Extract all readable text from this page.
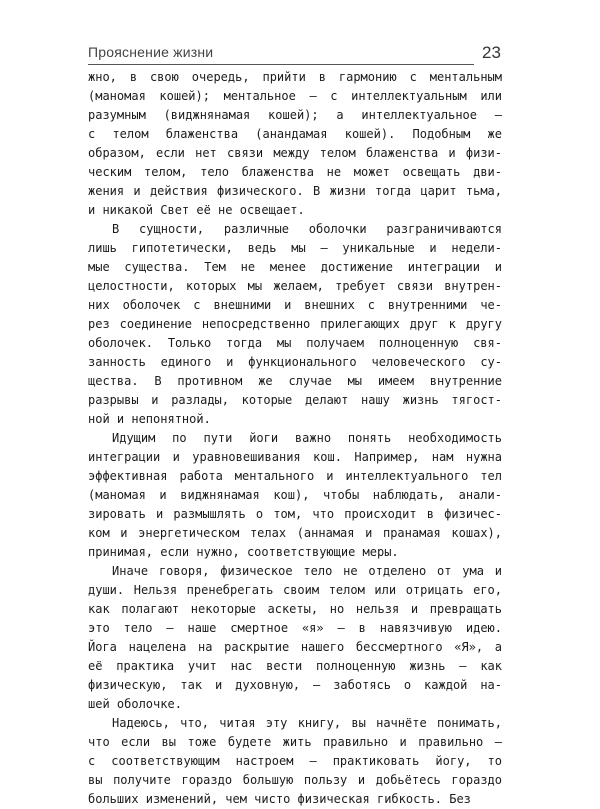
Прояснение жизни	23
жно, в свою очередь, прийти в гармонию с ментальным
(маномая кошей); ментальное — с интеллектуальным или
разумным (виджнянамая кошей); а интеллектуальное —
с телом блаженства (анандамая кошей). Подобным же
образом, если нет связи между телом блаженства и физи-
ческим телом, тело блаженства не может освещать дви-
жения и действия физического. В жизни тогда царит тьма,
и никакой Свет её не освещает.
В сущности, различные оболочки разграничиваются
лишь гипотетически, ведь мы — уникальные и недели-
мые существа. Тем не менее достижение интеграции и
целостности, которых мы желаем, требует связи внутрен-
них оболочек с внешними и внешних с внутренними че-
рез соединение непосредственно прилегающих друг к другу
оболочек. Только тогда мы получаем полноценную свя-
занность единого и функционального человеческого су-
щества. В противном же случае мы имеем внутренние
разрывы и разлады, которые делают нашу жизнь тягост-
ной и непонятной.
Идущим по пути йоги важно понять необходимость
интеграции и уравновешивания кош. Например, нам нужна
эффективная работа ментального и интеллектуального тел
(маномая и виджнянамая кош), чтобы наблюдать, анали-
зировать и размышлять о том, что происходит в физичес-
ком и энергетическом телах (аннамая и пранамая кошах),
принимая, если нужно, соответствующие меры.
Иначе говоря, физическое тело не отделено от ума и
души. Нельзя пренебрегать своим телом или отрицать его,
как полагают некоторые аскеты, но нельзя и превращать
это тело — наше смертное «я» — в навязчивую идею.
Йога нацелена на раскрытие нашего бессмертного «Я», а
её практика учит нас вести полноценную жизнь — как
физическую, так и духовную, — заботясь о каждой на-
шей оболочке.
Надеюсь, что, читая эту книгу, вы начнёте понимать,
что если вы тоже будете жить правильно и правильно —
с соответствующим настроем — практиковать йогу, то
вы получите гораздо большую пользу и добьётесь гораздо
больших изменений, чем чисто физическая гибкость. Без
